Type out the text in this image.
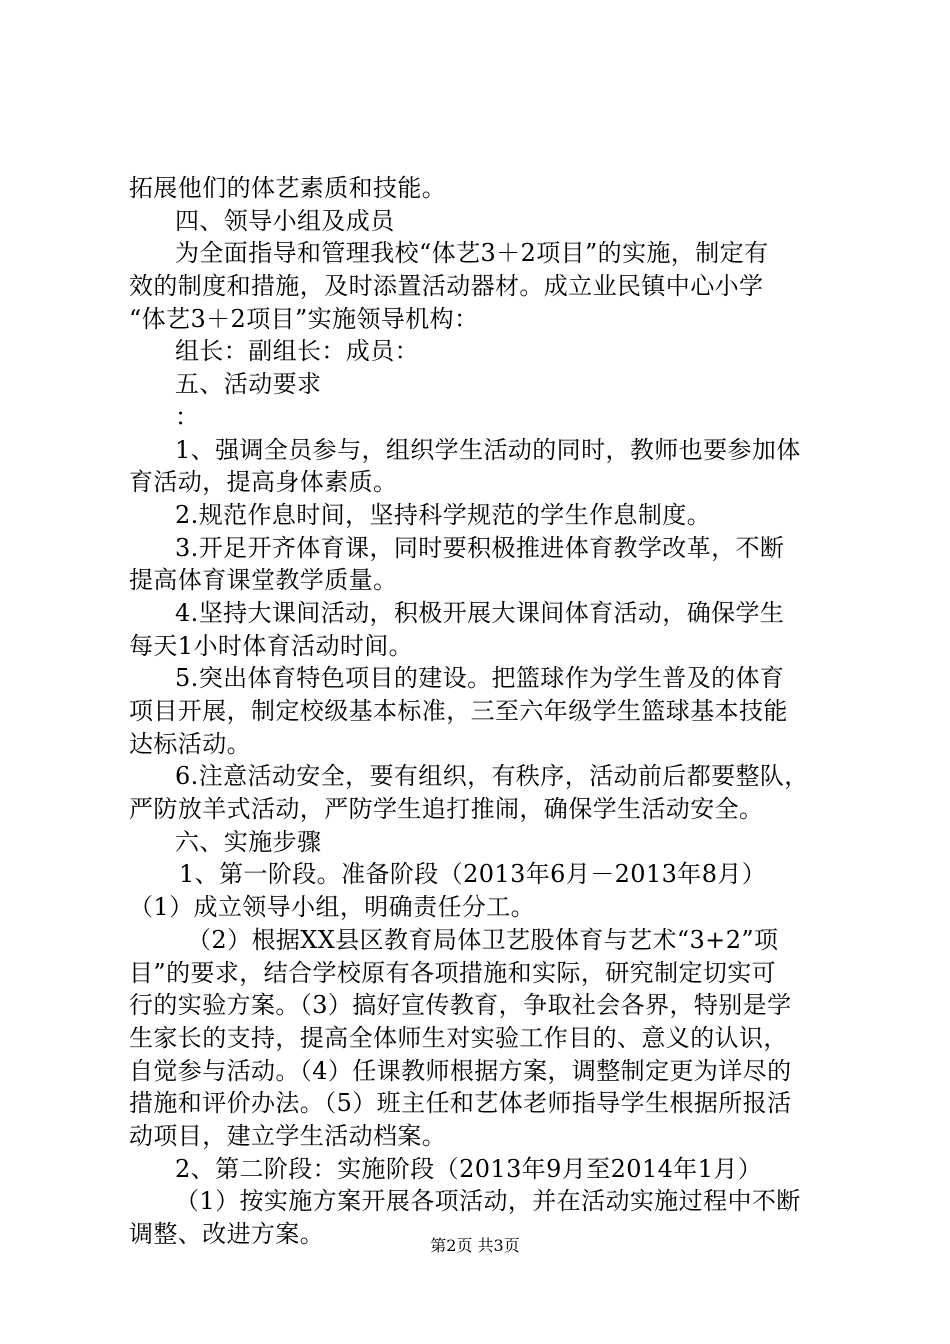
拓展他们的体艺素质和技能。
四、领导小组及成员
为全面指导和管理我校“体艺3＋2项目”的实施，制定有
效的制度和措施，及时添置活动器材。成立业民镇中心小学
“体艺3＋2项目”实施领导机构：
组长：副组长：成员：
五、活动要求
：
1、强调全员参与，组织学生活动的同时，教师也要参加体
育活动，提高身体素质。
2.规范作息时间，坚持科学规范的学生作息制度。
3.开足开齐体育课，同时要积极推进体育教学改革，不断
提高体育课堂教学质量。
4.坚持大课间活动，积极开展大课间体育活动，确保学生
每天1小时体育活动时间。
5.突出体育特色项目的建设。把篮球作为学生普及的体育
项目开展，制定校级基本标准，三至六年级学生篮球基本技能
达标活动。
6.注意活动安全，要有组织，有秩序，活动前后都要整队，
严防放羊式活动，严防学生追打推闹，确保学生活动安全。
六、实施步骤
1、第一阶段。准备阶段（2013年6月－2013年8月）
（1）成立领导小组，明确责任分工。
（2）根据XX县区教育局体卫艺股体育与艺术“3+2”项
目”的要求，结合学校原有各项措施和实际，研究制定切实可
行的实验方案。（3）搞好宣传教育，争取社会各界，特别是学
生家长的支持，提高全体师生对实验工作目的、意义的认识，
自觉参与活动。（4）任课教师根据方案，调整制定更为详尽的
措施和评价办法。（5）班主任和艺体老师指导学生根据所报活
动项目，建立学生活动档案。
2、第二阶段：实施阶段（2013年9月至2014年1月）
（1）按实施方案开展各项活动，并在活动实施过程中不断
调整、改进方案。	第2页 共3页
